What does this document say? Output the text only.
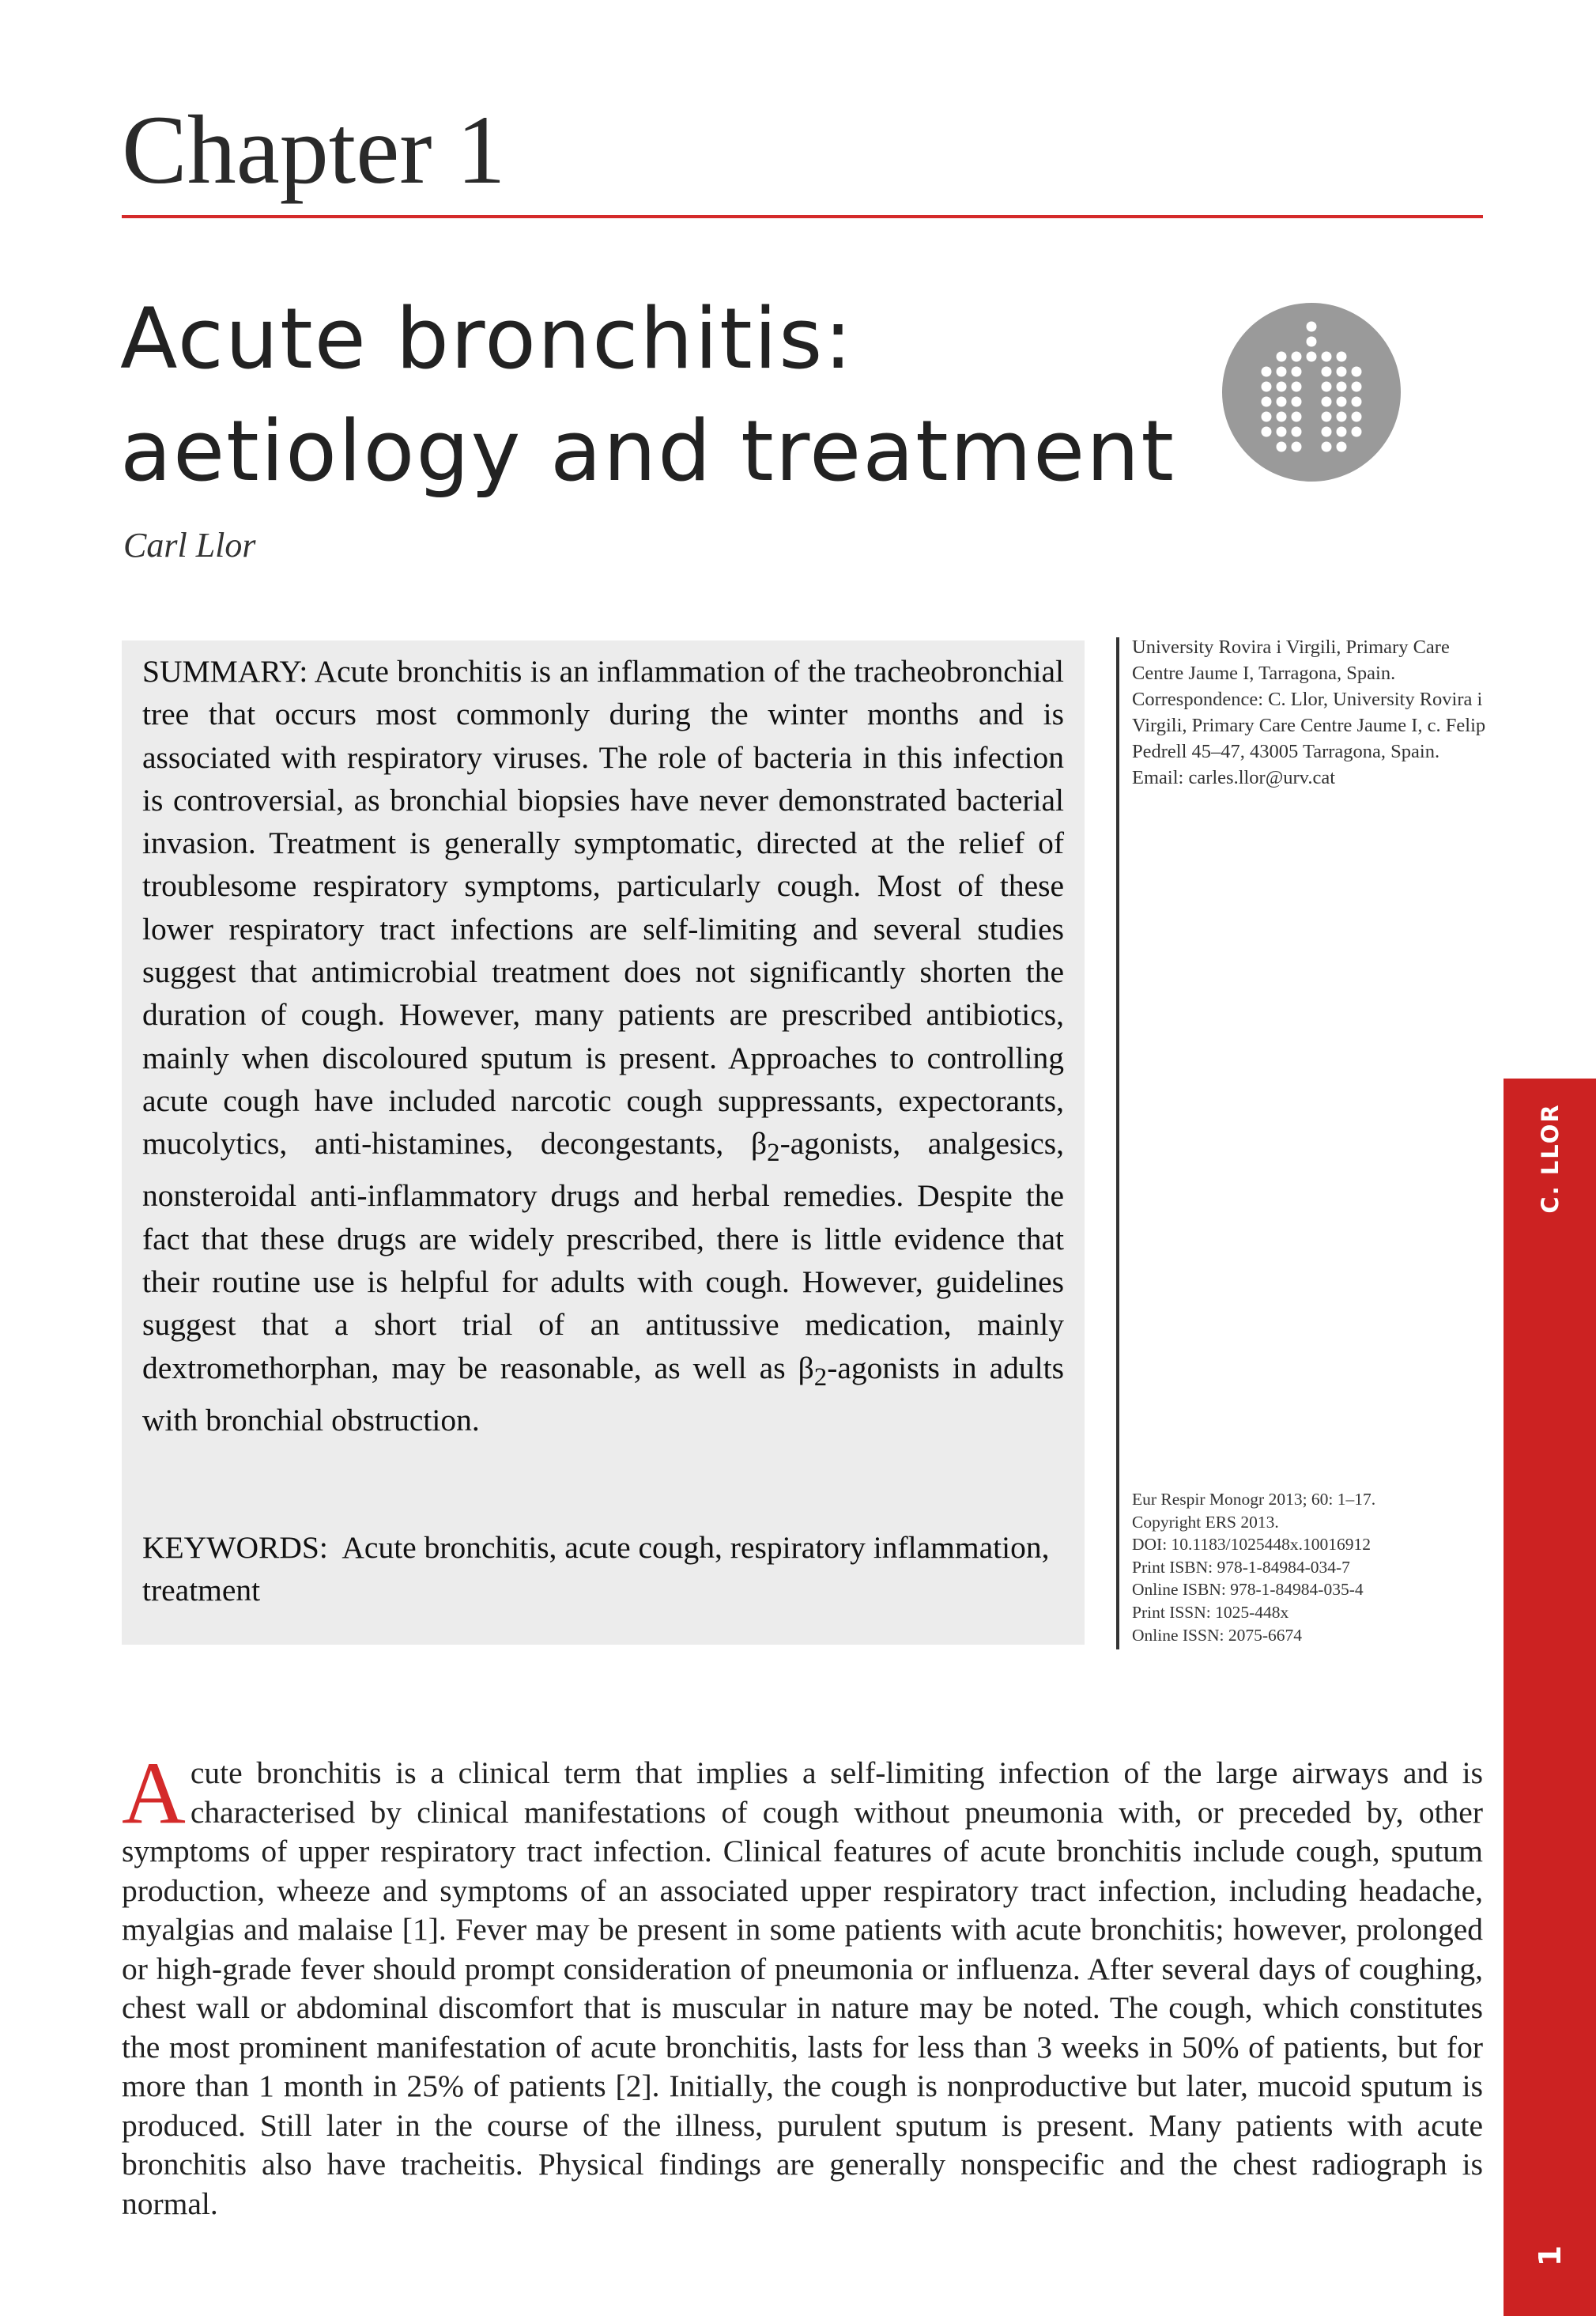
Chapter 1
Acute bronchitis:
aetiology and treatment
Carl Llor
SUMMARY: Acute bronchitis is an inflammation of the tracheobronchial tree that occurs most commonly during the winter months and is associated with respiratory viruses. The role of bacteria in this infection is controversial, as bronchial biopsies have never demonstrated bacterial invasion. Treatment is generally symptomatic, directed at the relief of troublesome respiratory symptoms, particularly cough. Most of these lower respiratory tract infections are self-limiting and several studies suggest that antimicrobial treatment does not significantly shorten the duration of cough. However, many patients are prescribed antibiotics, mainly when discoloured sputum is present. Approaches to controlling acute cough have included narcotic cough suppressants, expectorants, mucolytics, anti-histamines, decongestants, $\beta_2$-agonists, analgesics, nonsteroidal anti-inflammatory drugs and herbal remedies. Despite the fact that these drugs are widely prescribed, there is little evidence that their routine use is helpful for adults with cough. However, guidelines suggest that a short trial of an antitussive medication, mainly dextromethorphan, may be reasonable, as well as $\beta_2$-agonists in adults with bronchial obstruction.
KEYWORDS: Acute bronchitis, acute cough, respiratory inflammation, treatment

University Rovira i Virgili, Primary Care Centre Jaume I, Tarragona, Spain.

Correspondence: C. Llor, University Rovira i Virgili, Primary Care Centre Jaume I, c. Felip Pedrell 45–47, 43005 Tarragona, Spain.

Email: carles.llor@urv.cat

Eur Respir Monogr 2013; 60: 1–17.

Copyright ERS 2013.

DOI: 10.1183/1025448x.10016912

Print ISBN: 978-1-84984-034-7

Online ISBN: 978-1-84984-035-4

Print ISSN: 1025-448x

Online ISSN: 2075-6674

C. LLOR
1
Acute bronchitis is a clinical term that implies a self-limiting infection of the large airways and is characterised by clinical manifestations of cough without pneumonia with, or preceded by, other symptoms of upper respiratory tract infection. Clinical features of acute bronchitis include cough, sputum production, wheeze and symptoms of an associated upper respiratory tract infection, including headache, myalgias and malaise [1]. Fever may be present in some patients with acute bronchitis; however, prolonged or high-grade fever should prompt consideration of pneumonia or influenza. After several days of coughing, chest wall or abdominal discomfort that is muscular in nature may be noted. The cough, which constitutes the most prominent manifestation of acute bronchitis, lasts for less than 3 weeks in 50% of patients, but for more than 1 month in 25% of patients [2]. Initially, the cough is nonproductive but later, mucoid sputum is produced. Still later in the course of the illness, purulent sputum is present. Many patients with acute bronchitis also have tracheitis. Physical findings are generally nonspecific and the chest radiograph is normal.
